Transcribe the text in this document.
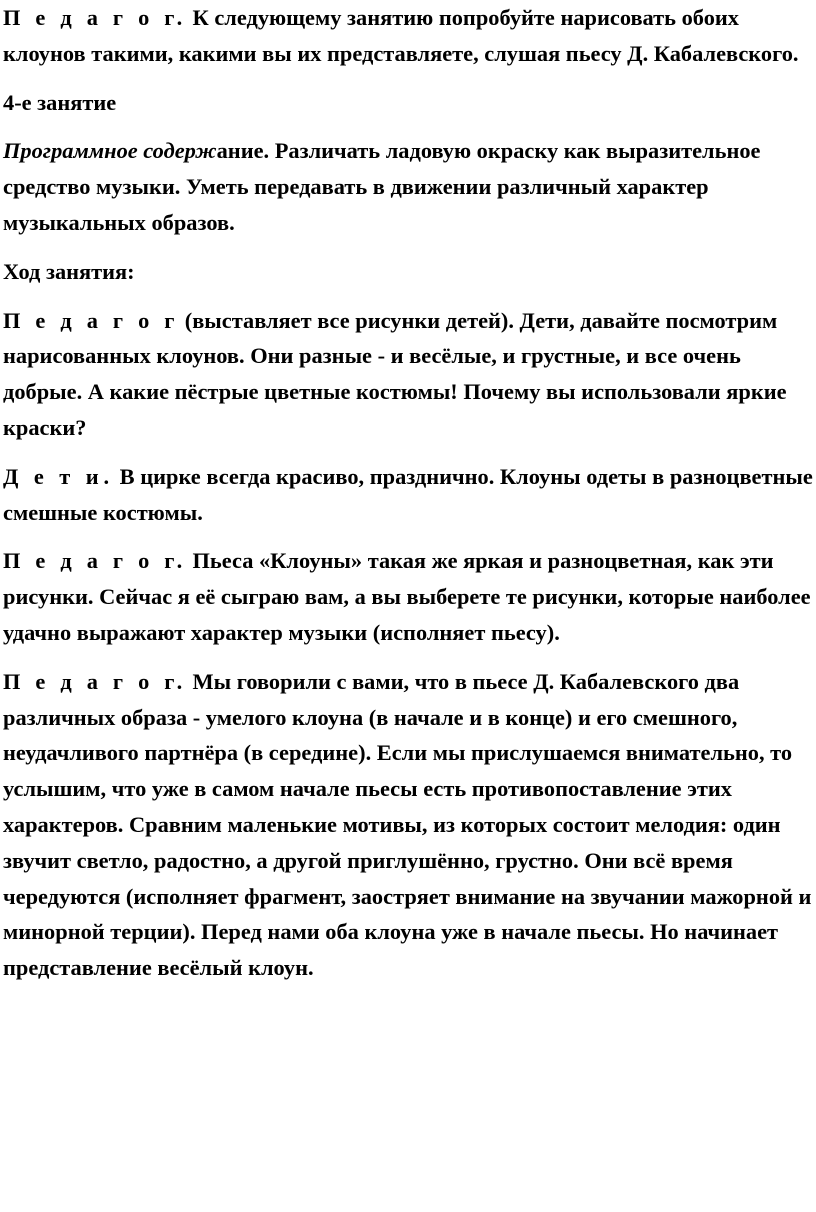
П е д а г о г. К следующему занятию попробуйте нарисовать обоих клоунов такими, какими вы их представляете, слушая пьесу Д. Кабалевского.

4-е занятие

Программное содержание. Различать ладовую окраску как выразительное средство музыки. Уметь передавать в движении различный характер музыкальных образов.

Ход занятия:

П е д а г о г (выставляет все рисунки детей). Дети, давайте посмотрим нарисованных клоунов. Они разные - и весёлые, и грустные, и все очень добрые. А какие пёстрые цветные костюмы! Почему вы использовали яркие краски?

Д е т и. В цирке всегда красиво, празднично. Клоуны одеты в разноцветные смешные костюмы.

П е д а г о г. Пьеса «Клоуны» такая же яркая и разноцветная, как эти рисунки. Сейчас я её сыграю вам, а вы выберете те рисунки, которые наиболее удачно выражают характер музыки (исполняет пьесу).

П е д а г о г. Мы говорили с вами, что в пьесе Д. Кабалевского два различных образа - умелого клоуна (в начале и в конце) и его смешного, неудачливого партнёра (в середине). Если мы прислушаемся внимательно, то услышим, что уже в самом начале пьесы есть противопоставление этих характеров. Сравним маленькие мотивы, из которых состоит мелодия: один звучит светло, радостно, а другой приглушённо, грустно. Они всё время чередуются (исполняет фрагмент, заостряет внимание на звучании мажорной и минорной терции). Перед нами оба клоуна уже в начале пьесы. Но начинает представление весёлый клоун.
